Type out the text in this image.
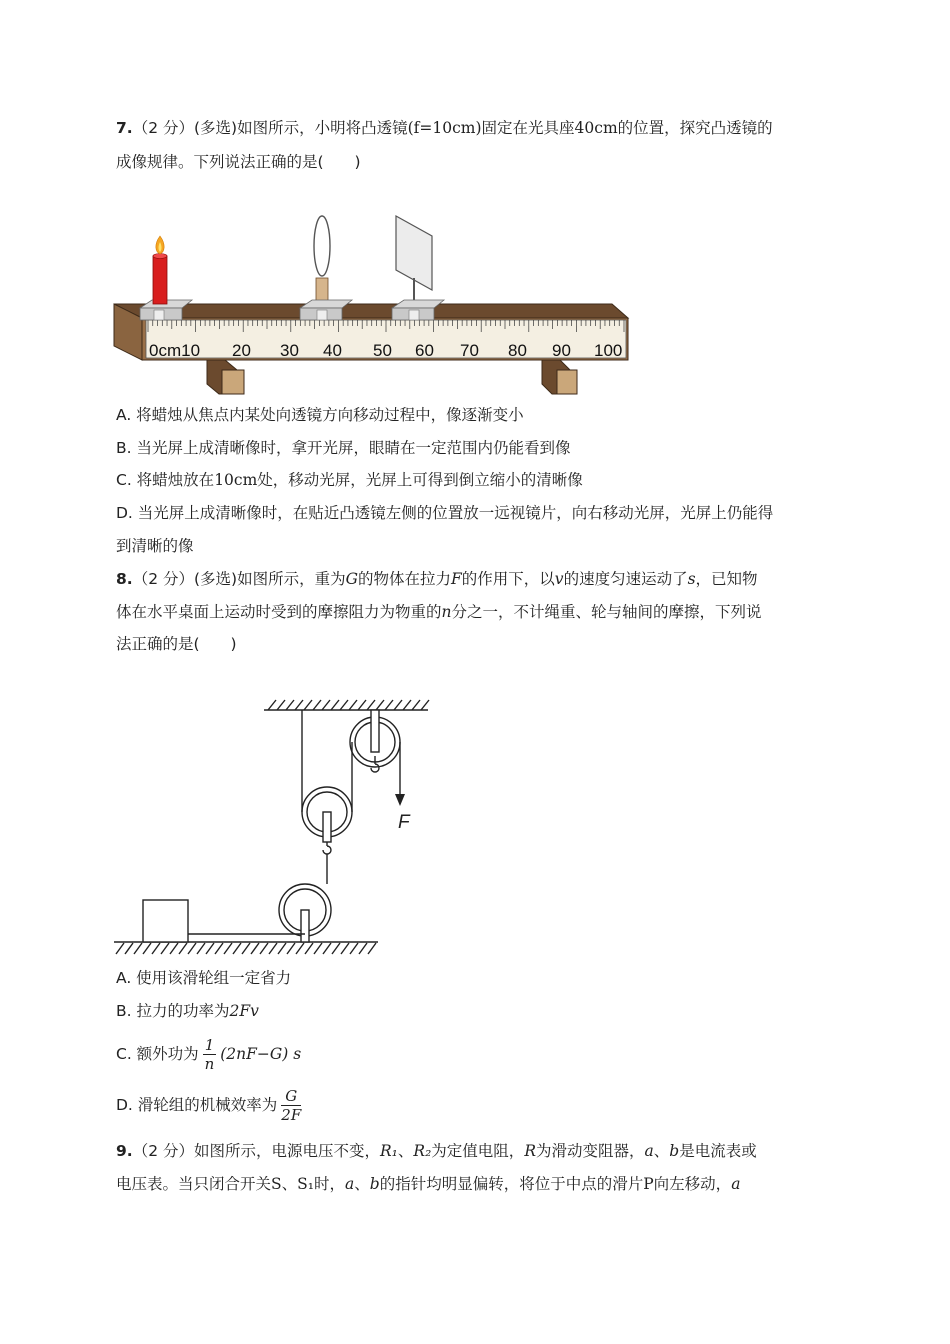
7.（2 分）(多选)如图所示，小明将凸透镜(f=10cm)固定在光具座40cm的位置，探究凸透镜的
成像规律。下列说法正确的是(　　)
0cm10 20 30 40 50 60 70 80 90 100
A. 将蜡烛从焦点内某处向透镜方向移动过程中，像逐渐变小
B. 当光屏上成清晰像时，拿开光屏，眼睛在一定范围内仍能看到像
C. 将蜡烛放在10cm处，移动光屏，光屏上可得到倒立缩小的清晰像
D. 当光屏上成清晰像时，在贴近凸透镜左侧的位置放一远视镜片，向右移动光屏，光屏上仍能得
到清晰的像
8.（2 分）(多选)如图所示，重为G的物体在拉力F的作用下，以v的速度匀速运动了s，已知物
体在水平桌面上运动时受到的摩擦阻力为物重的n分之一，不计绳重、轮与轴间的摩擦，下列说
法正确的是(　　)
F
A. 使用该滑轮组一定省力
B. 拉力的功率为2Fv
C. 额外功为 $\frac{1}{n} (2nF-G)$ s
D. 滑轮组的机械效率为 $\frac{G}{2F}$
9.（2 分）如图所示，电源电压不变，R₁、R₂为定值电阻，R为滑动变阻器，a、b是电流表或
电压表。当只闭合开关S、S₁时，a、b的指针均明显偏转，将位于中点的滑片P向左移动，a
